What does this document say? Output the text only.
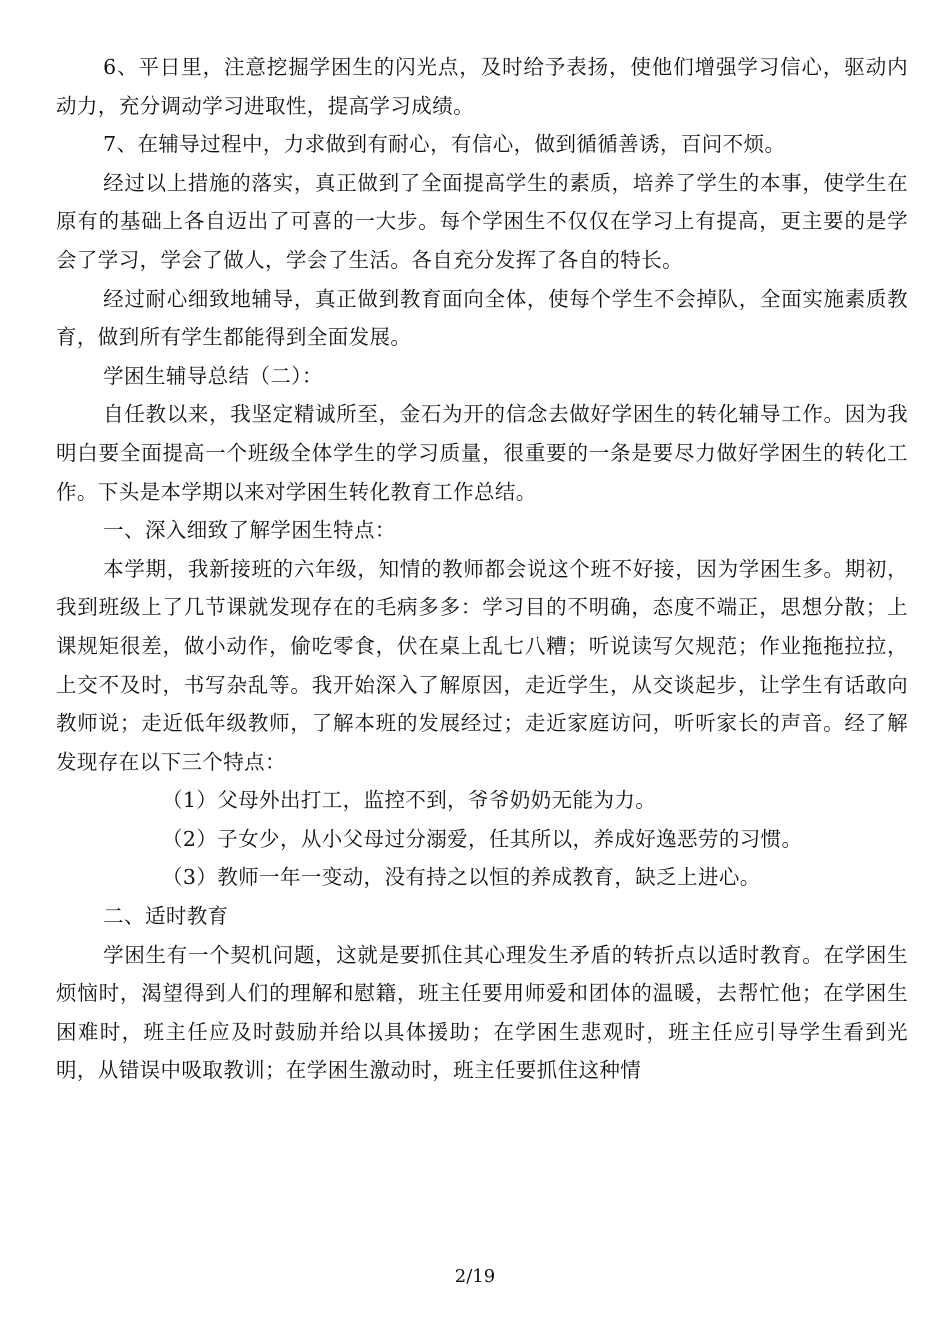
6、平日里，注意挖掘学困生的闪光点，及时给予表扬，使他们增强学习信心，驱动内动力，充分调动学习进取性，提高学习成绩。

7、在辅导过程中，力求做到有耐心，有信心，做到循循善诱，百问不烦。

经过以上措施的落实，真正做到了全面提高学生的素质，培养了学生的本事，使学生在原有的基础上各自迈出了可喜的一大步。每个学困生不仅仅在学习上有提高，更主要的是学会了学习，学会了做人，学会了生活。各自充分发挥了各自的特长。

经过耐心细致地辅导，真正做到教育面向全体，使每个学生不会掉队，全面实施素质教育，做到所有学生都能得到全面发展。

学困生辅导总结（二）：

自任教以来，我坚定精诚所至，金石为开的信念去做好学困生的转化辅导工作。因为我明白要全面提高一个班级全体学生的学习质量，很重要的一条是要尽力做好学困生的转化工作。下头是本学期以来对学困生转化教育工作总结。

一、深入细致了解学困生特点：

本学期，我新接班的六年级，知情的教师都会说这个班不好接，因为学困生多。期初，我到班级上了几节课就发现存在的毛病多多：学习目的不明确，态度不端正，思想分散；上课规矩很差，做小动作，偷吃零食，伏在桌上乱七八糟；听说读写欠规范；作业拖拖拉拉，上交不及时，书写杂乱等。我开始深入了解原因，走近学生，从交谈起步，让学生有话敢向教师说；走近低年级教师，了解本班的发展经过；走近家庭访问，听听家长的声音。经了解发现存在以下三个特点：

（1）父母外出打工，监控不到，爷爷奶奶无能为力。

（2）子女少，从小父母过分溺爱，任其所以，养成好逸恶劳的习惯。

（3）教师一年一变动，没有持之以恒的养成教育，缺乏上进心。

二、适时教育

学困生有一个契机问题，这就是要抓住其心理发生矛盾的转折点以适时教育。在学困生烦恼时，渴望得到人们的理解和慰籍，班主任要用师爱和团体的温暖，去帮忙他；在学困生困难时，班主任应及时鼓励并给以具体援助；在学困生悲观时，班主任应引导学生看到光明，从错误中吸取教训；在学困生激动时，班主任要抓住这种情

2/19
